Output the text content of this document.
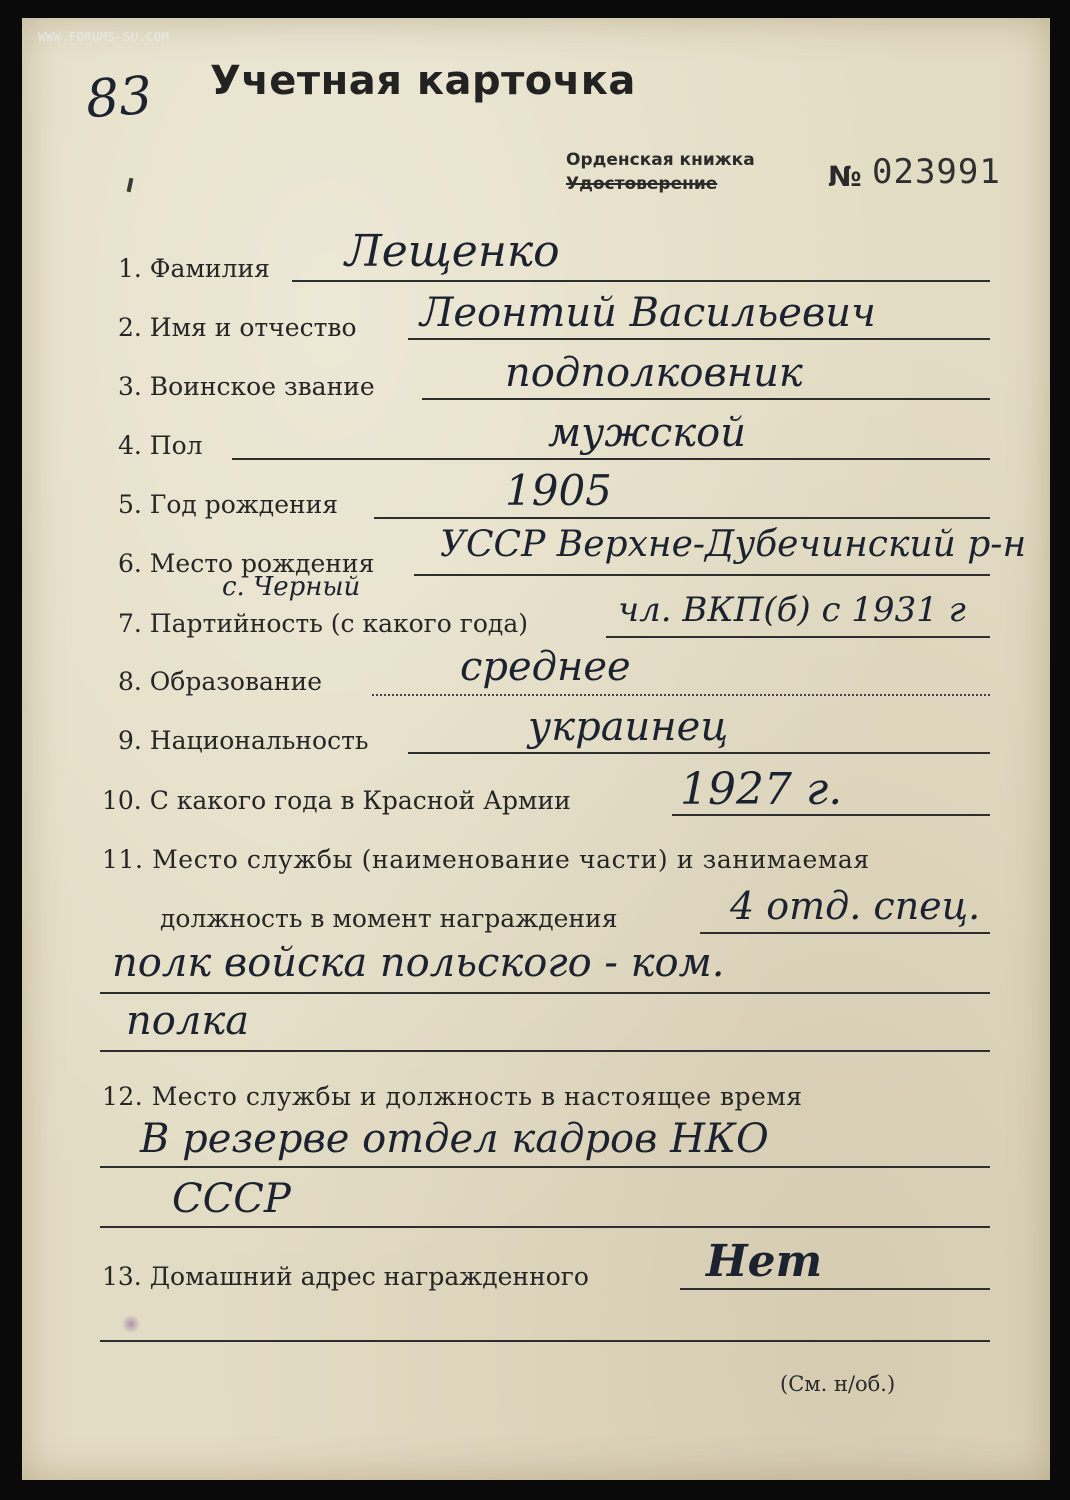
WWW.FORUMS-SU.COM
83 Учетная карточка
Орденская книжка
Удостоверение	№ 023991
1. Фамилия Лещенко
2. Имя и отчество Леонтий Васильевич
3. Воинское звание	подполковник
4. Пол	мужской
5. Год рождения	1905
6. Место рождения УССР Верхне-Дубечинский р-н
с. Черный
7. Партийность (с какого года)	чл. ВКП(б) с 1931 г
8. Образование	среднее
9. Национальность	украинец
10. С какого года в Красной Армии 1927 г.
11. Место службы (наименование части) и занимаемая
должность в момент награждения	4 отд. спец.
полк войска польского - ком.
полка
12. Место службы и должность в настоящее время
В резерве отдел кадров НКО
СССР
13. Домашний адрес награжденного	Нет
(См. н/об.)
